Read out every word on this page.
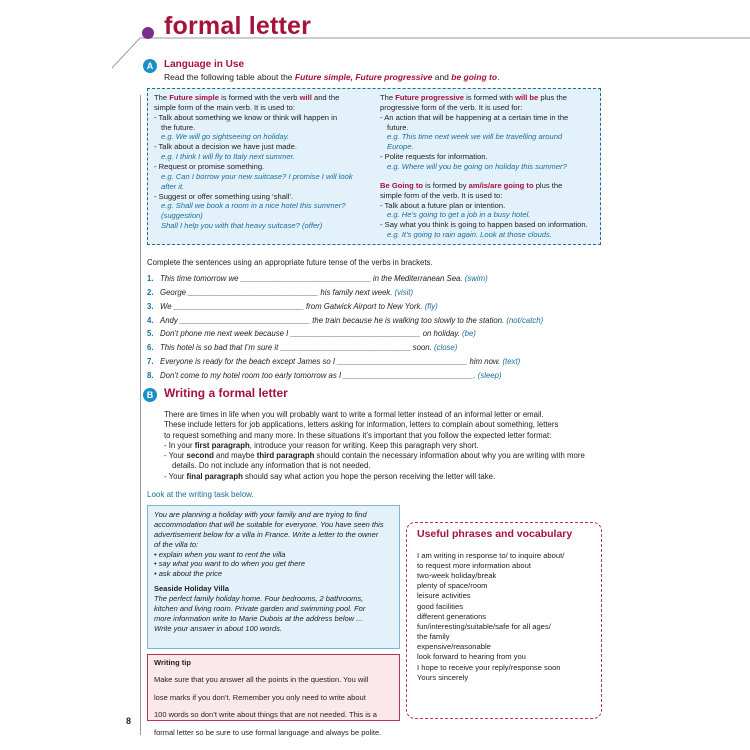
formal letter
A	Language in Use
Read the following table about the Future simple, Future progressive and be going to.

The Future simple is formed with the verb will and the

simple form of the main verb. It is used to:

- Talk about something we know or think will happen in

the future.

e.g. We will go sightseeing on holiday.

- Talk about a decision we have just made.

e.g. I think I will fly to Italy next summer.

- Request or promise something.

e.g. Can I borrow your new suitcase? I promise I will look

after it.

- Suggest or offer something using ‘shall’.

e.g. Shall we book a room in a nice hotel this summer?

(suggestion)

Shall I help you with that heavy suitcase? (offer)

The Future progressive is formed with will be plus the

progressive form of the verb. It is used for:

- An action that will be happening at a certain time in the

future.

e.g. This time next week we will be travelling around

Europe.

- Polite requests for information.

e.g. Where will you be going on holiday this summer?

Be Going to is formed by am/is/are going to plus the

simple form of the verb. It is used to:

- Talk about a future plan or intention.

e.g. He’s going to get a job in a busy hotel.

- Say what you think is going to happen based on information.

e.g. It’s going to rain again. Look at those clouds.

Complete the sentences using an appropriate future tense of the verbs in brackets.
1. This time tomorrow we ______________________________ in the Mediterranean Sea. (swim)
2. George ______________________________ his family next week. (visit)
3. We ______________________________ from Gatwick Airport to New York. (fly)
4. Andy ______________________________ the train because he is walking too slowly to the station. (not/catch)
5. Don’t phone me next week because I ______________________________ on holiday. (be)
6. This hotel is so bad that I’m sure it ______________________________ soon. (close)
7. Everyone is ready for the beach except James so I ______________________________ him now. (text)
8. Don’t come to my hotel room too early tomorrow as I ______________________________. (sleep)
B Writing a formal letter

There are times in life when you will probably want to write a formal letter instead of an informal letter or email.

These include letters for job applications, letters asking for information, letters to complain about something, letters

to request something and many more. In these situations it’s important that you follow the expected letter format:

- In your first paragraph, introduce your reason for writing. Keep this paragraph very short.

- Your second and maybe third paragraph should contain the necessary information about why you are writing with more details. Do not include any information that is not needed.

- Your final paragraph should say what action you hope the person receiving the letter will take.

Look at the writing task below.

You are planning a holiday with your family and are trying to find

accommodation that will be suitable for everyone. You have seen this

advertisement below for a villa in France. Write a letter to the owner

of the villa to:

• explain when you want to rent the villa

• say what you want to do when you get there

• ask about the price

Seaside Holiday Villa

The perfect family holiday home. Four bedrooms, 2 bathrooms,

kitchen and living room. Private garden and swimming pool. For

more information write to Marie Dubois at the address below ...

Write your answer in about 100 words.

Writing tip

Make sure that you answer all the points in the question. You will

lose marks if you don’t. Remember you only need to write about

100 words so don’t write about things that are not needed. This is a

formal letter so be sure to use formal language and always be polite.

Useful phrases and vocabulary
I am writing in response to/ to inquire about/
to request more information about
two-week holiday/break
plenty of space/room
leisure activities
good facilities
different generations
fun/interesting/suitable/safe for all ages/
the family
expensive/reasonable
look forward to hearing from you
I hope to receive your reply/response soon
Yours sincerely
8
